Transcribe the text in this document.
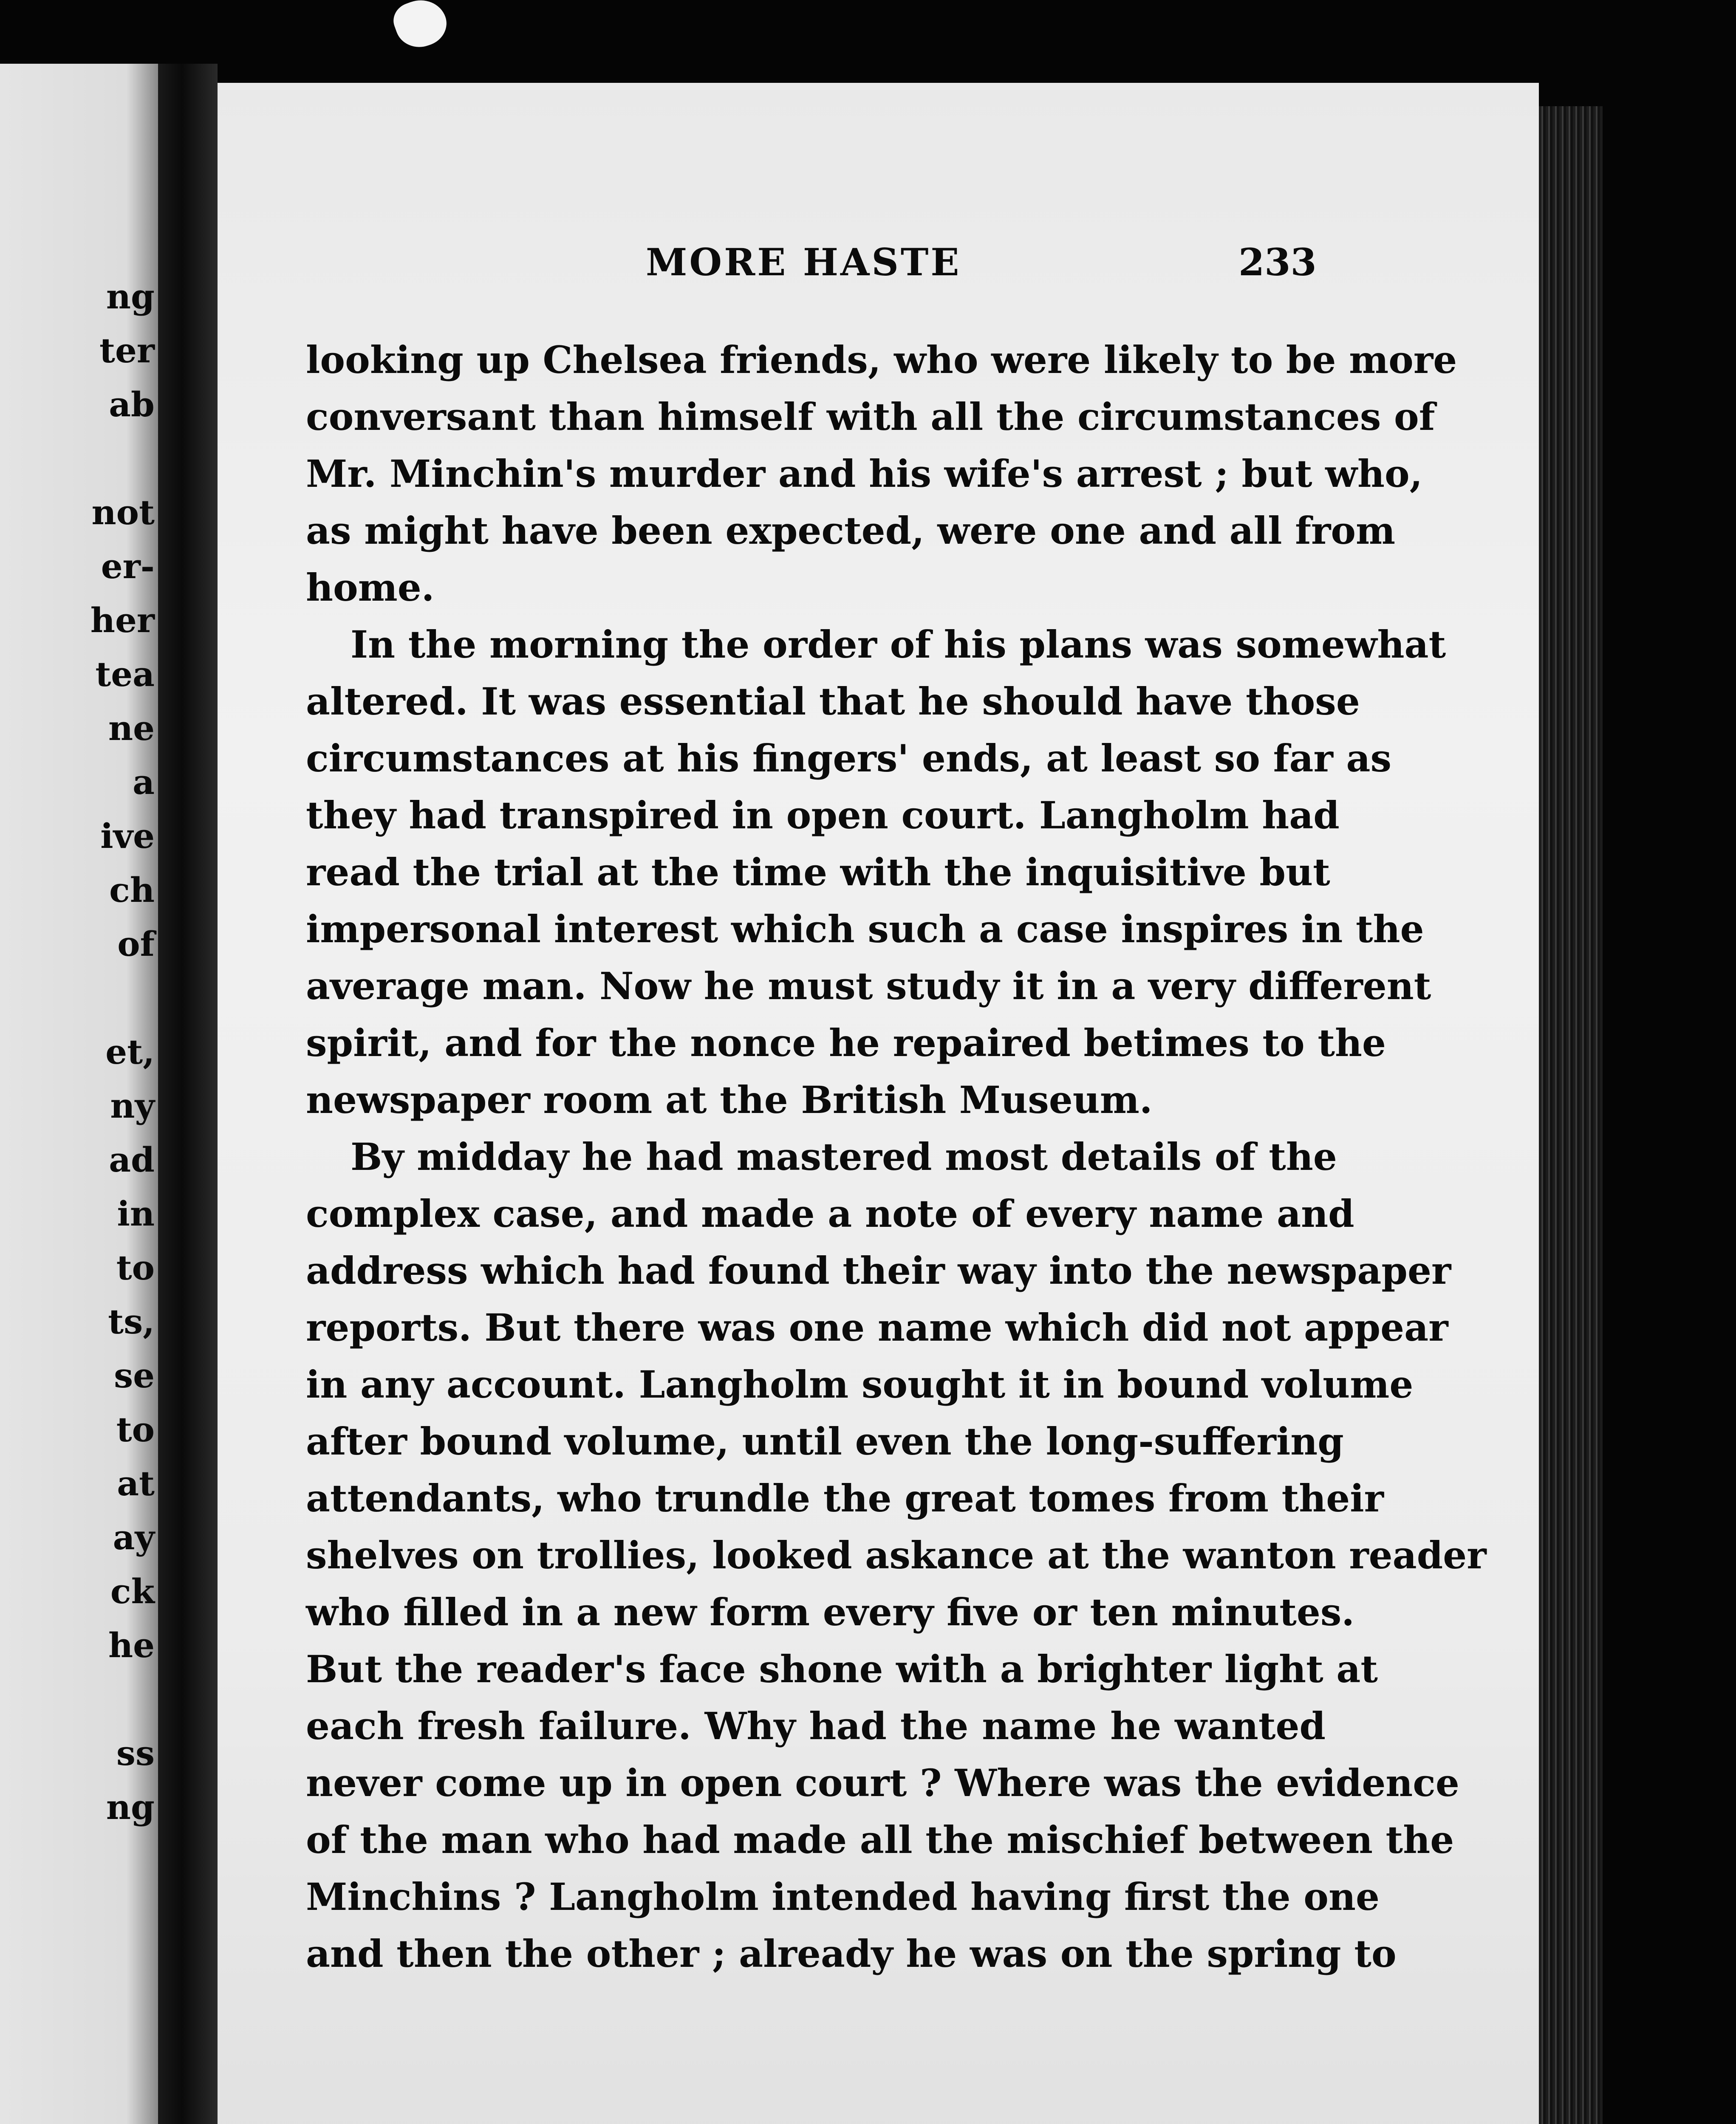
ng
ter
ab
not
er-
her
tea
ne
a
ive
ch
of
et,
ny
ad
in
to
ts,
se
to
at
ay
ck
he
ss
ng
MORE HASTE	233
looking up Chelsea friends, who were likely to be more
conversant than himself with all the circumstances of
Mr. Minchin's murder and his wife's arrest ; but who,
as might have been expected, were one and all from
home.
In the morning the order of his plans was somewhat
altered. It was essential that he should have those
circumstances at his fingers' ends, at least so far as
they had transpired in open court. Langholm had
read the trial at the time with the inquisitive but
impersonal interest which such a case inspires in the
average man. Now he must study it in a very different
spirit, and for the nonce he repaired betimes to the
newspaper room at the British Museum.
By midday he had mastered most details of the
complex case, and made a note of every name and
address which had found their way into the newspaper
reports. But there was one name which did not appear
in any account. Langholm sought it in bound volume
after bound volume, until even the long-suffering
attendants, who trundle the great tomes from their
shelves on trollies, looked askance at the wanton reader
who filled in a new form every five or ten minutes.
But the reader's face shone with a brighter light at
each fresh failure. Why had the name he wanted
never come up in open court ? Where was the evidence
of the man who had made all the mischief between the
Minchins ? Langholm intended having first the one
and then the other ; already he was on the spring to
